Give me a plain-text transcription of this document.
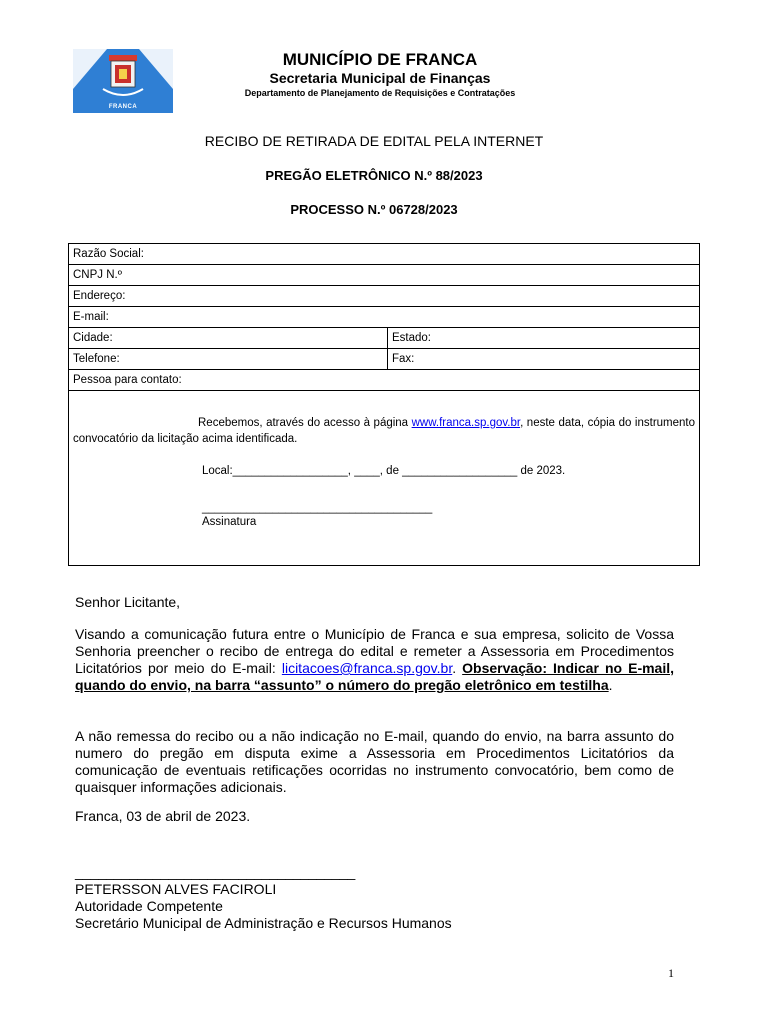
FRANCA
MUNICÍPIO DE FRANCA
Secretaria Municipal de Finanças
Departamento de Planejamento de Requisições e Contratações
RECIBO DE RETIRADA DE EDITAL PELA INTERNET
PREGÃO ELETRÔNICO N.º 88/2023
PROCESSO N.º 06728/2023
Razão Social:	
CNPJ N.º	
Endereço:	
E-mail:	
Cidade:	Estado:
Telefone:	Fax:
Pessoa para contato:	

Recebemos, através do acesso à página www.franca.sp.gov.br, neste data, cópia do instrumento convocatório da licitação acima identificada.
Local:__________________, ____, de __________________ de 2023.
____________________________________
Assinatura	
Senhor Licitante,
Visando a comunicação futura entre o Município de Franca e sua empresa, solicito de Vossa Senhoria preencher o recibo de entrega do edital e remeter a Assessoria em Procedimentos Licitatórios por meio do E-mail: licitacoes@franca.sp.gov.br. Observação: Indicar no E-mail, quando do envio, na barra “assunto” o número do pregão eletrônico em testilha.
A não remessa do recibo ou a não indicação no E-mail, quando do envio, na barra assunto do numero do pregão em disputa exime a Assessoria em Procedimentos Licitatórios da comunicação de eventuais retificações ocorridas no instrumento convocatório, bem como de quaisquer informações adicionais.
Franca, 03 de abril de 2023.
____________________________________
PETERSSON ALVES FACIROLI
Autoridade Competente
Secretário Municipal de Administração e Recursos Humanos
1
